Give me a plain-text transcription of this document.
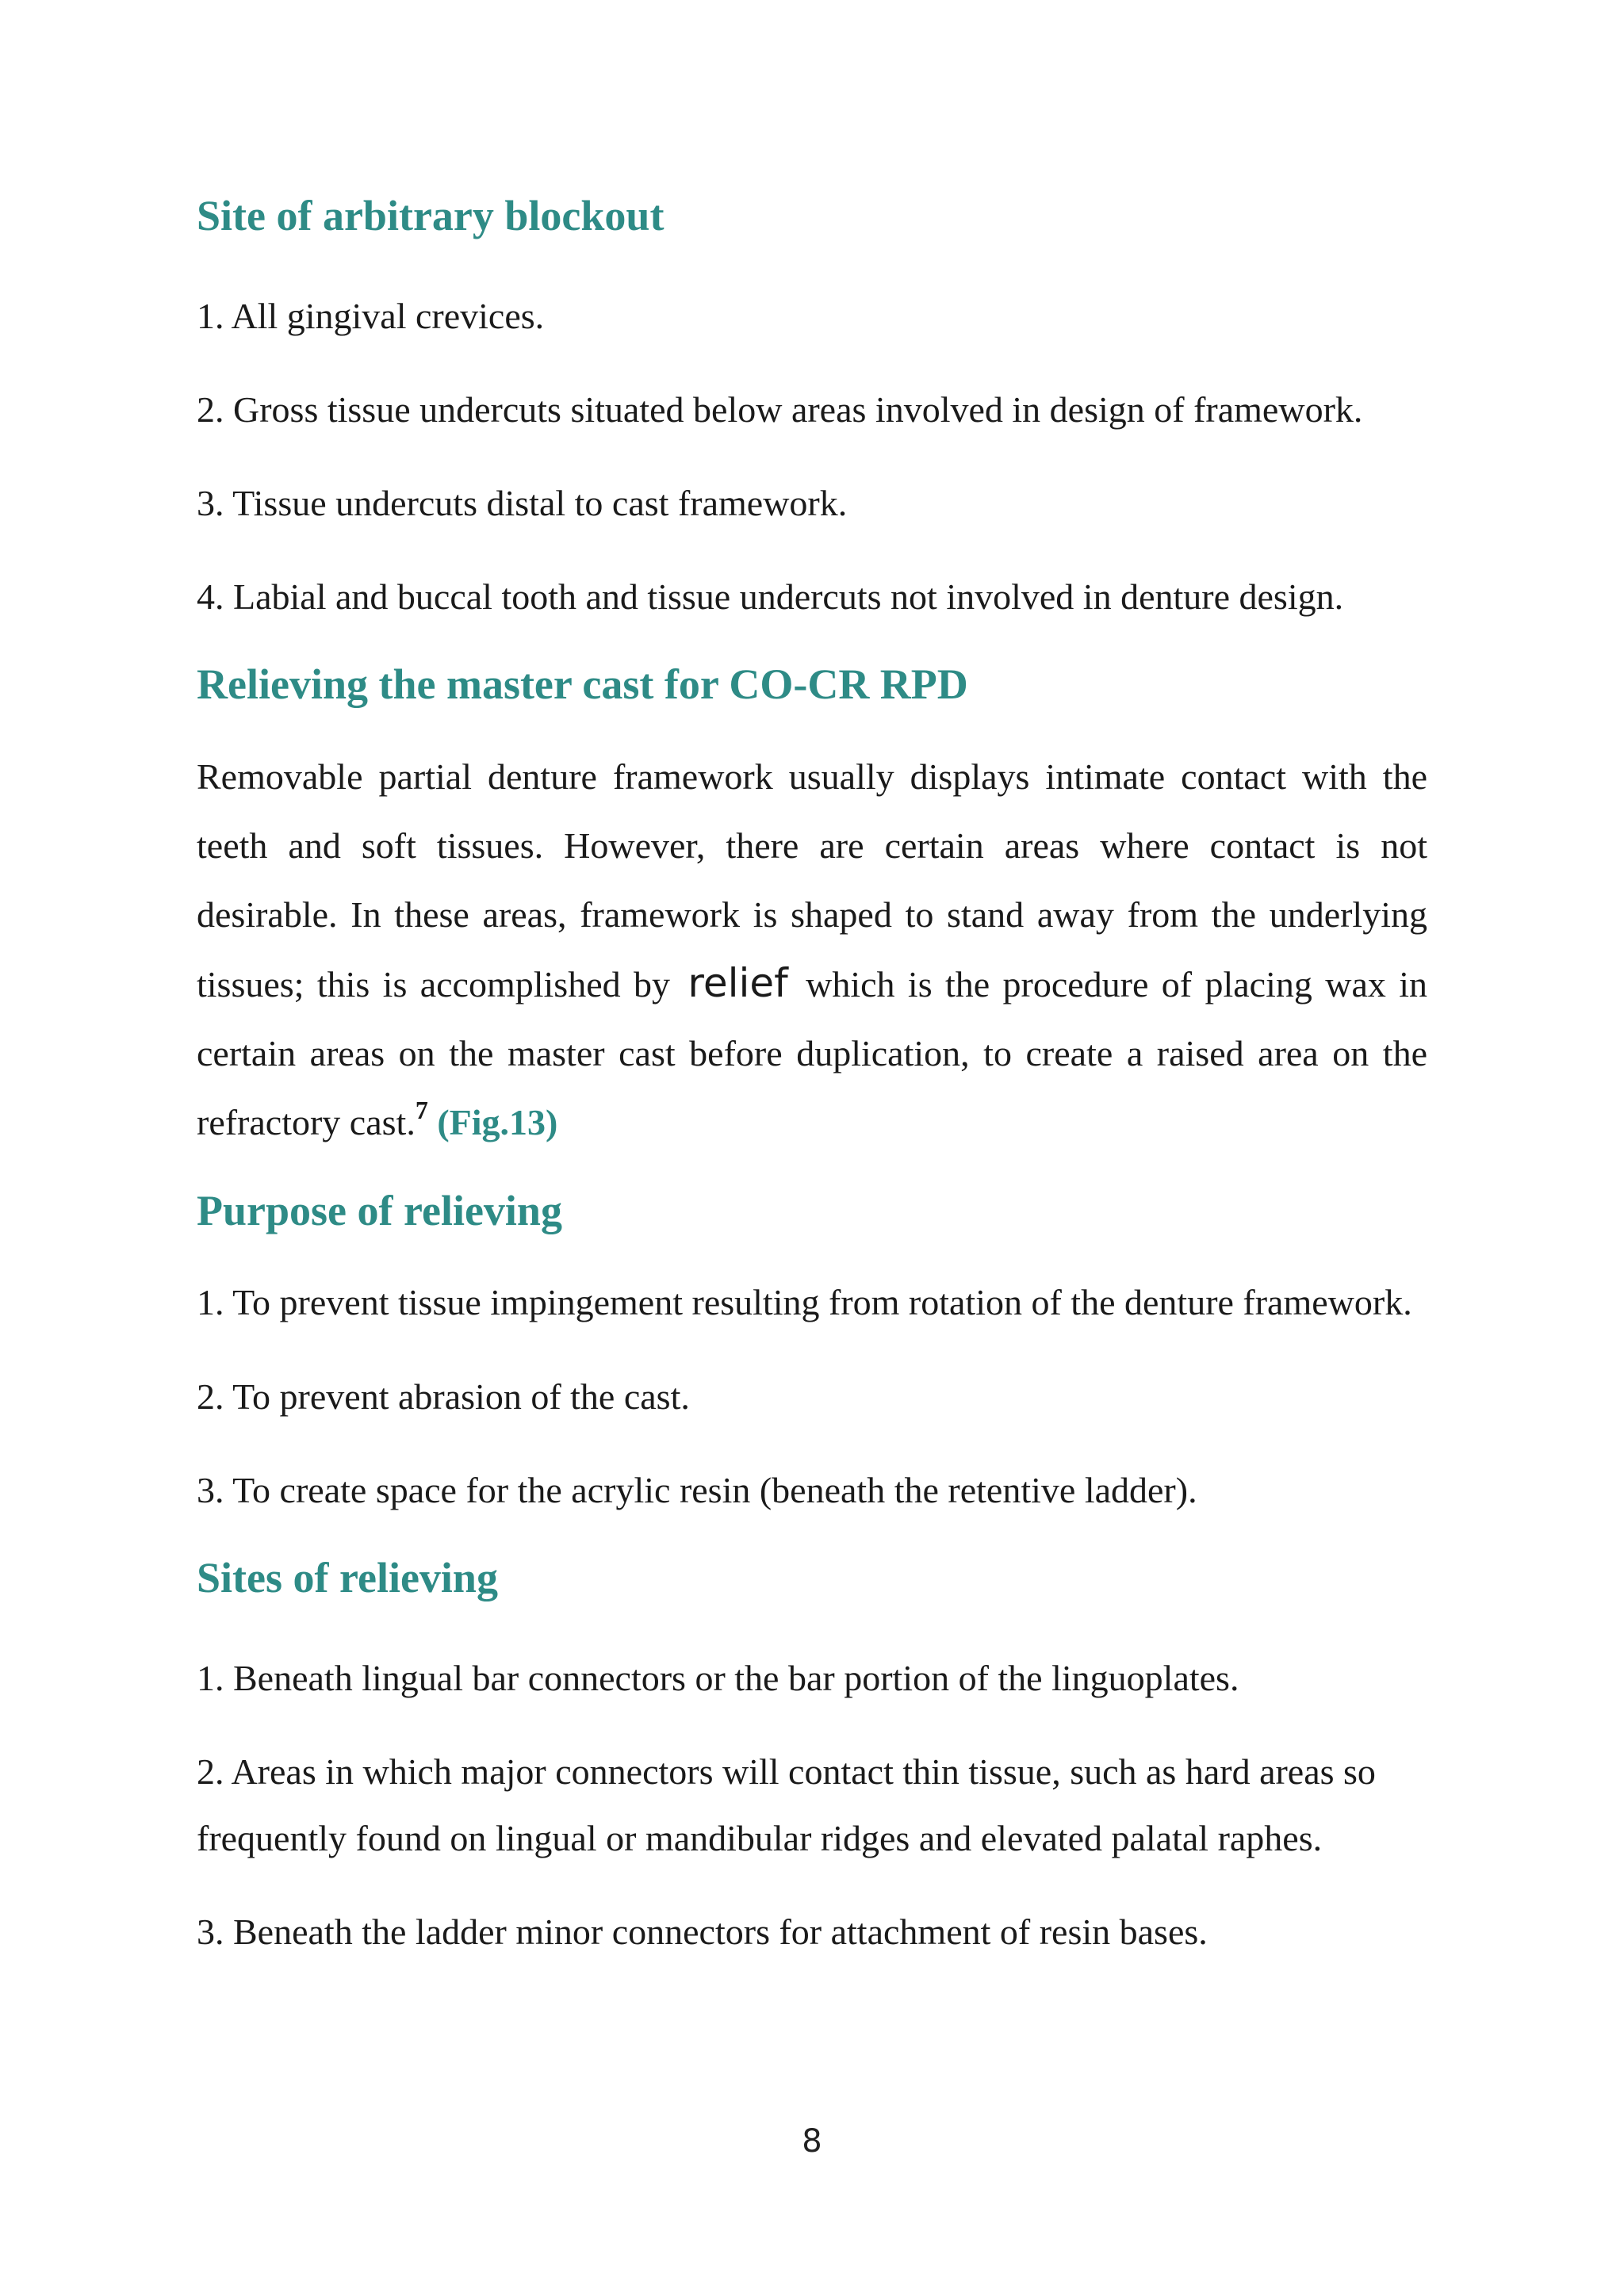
Site of arbitrary blockout

1. All gingival crevices.

2. Gross tissue undercuts situated below areas involved in design of framework.

3. Tissue undercuts distal to cast framework.

4. Labial and buccal tooth and tissue undercuts not involved in denture design.

Relieving the master cast for CO-CR RPD

Removable partial denture framework usually displays intimate contact with the teeth and soft tissues. However, there are certain areas where contact is not desirable. In these areas, framework is shaped to stand away from the underlying tissues; this is accomplished by relief which is the procedure of placing wax in certain areas on the master cast before duplication, to create a raised area on the refractory cast.$^7$ (Fig.13)

Purpose of relieving

1. To prevent tissue impingement resulting from rotation of the denture framework.

2. To prevent abrasion of the cast.

3. To create space for the acrylic resin (beneath the retentive ladder).

Sites of relieving

1. Beneath lingual bar connectors or the bar portion of the linguoplates.

2. Areas in which major connectors will contact thin tissue, such as hard areas so frequently found on lingual or mandibular ridges and elevated palatal raphes.

3. Beneath the ladder minor connectors for attachment of resin bases.

8
